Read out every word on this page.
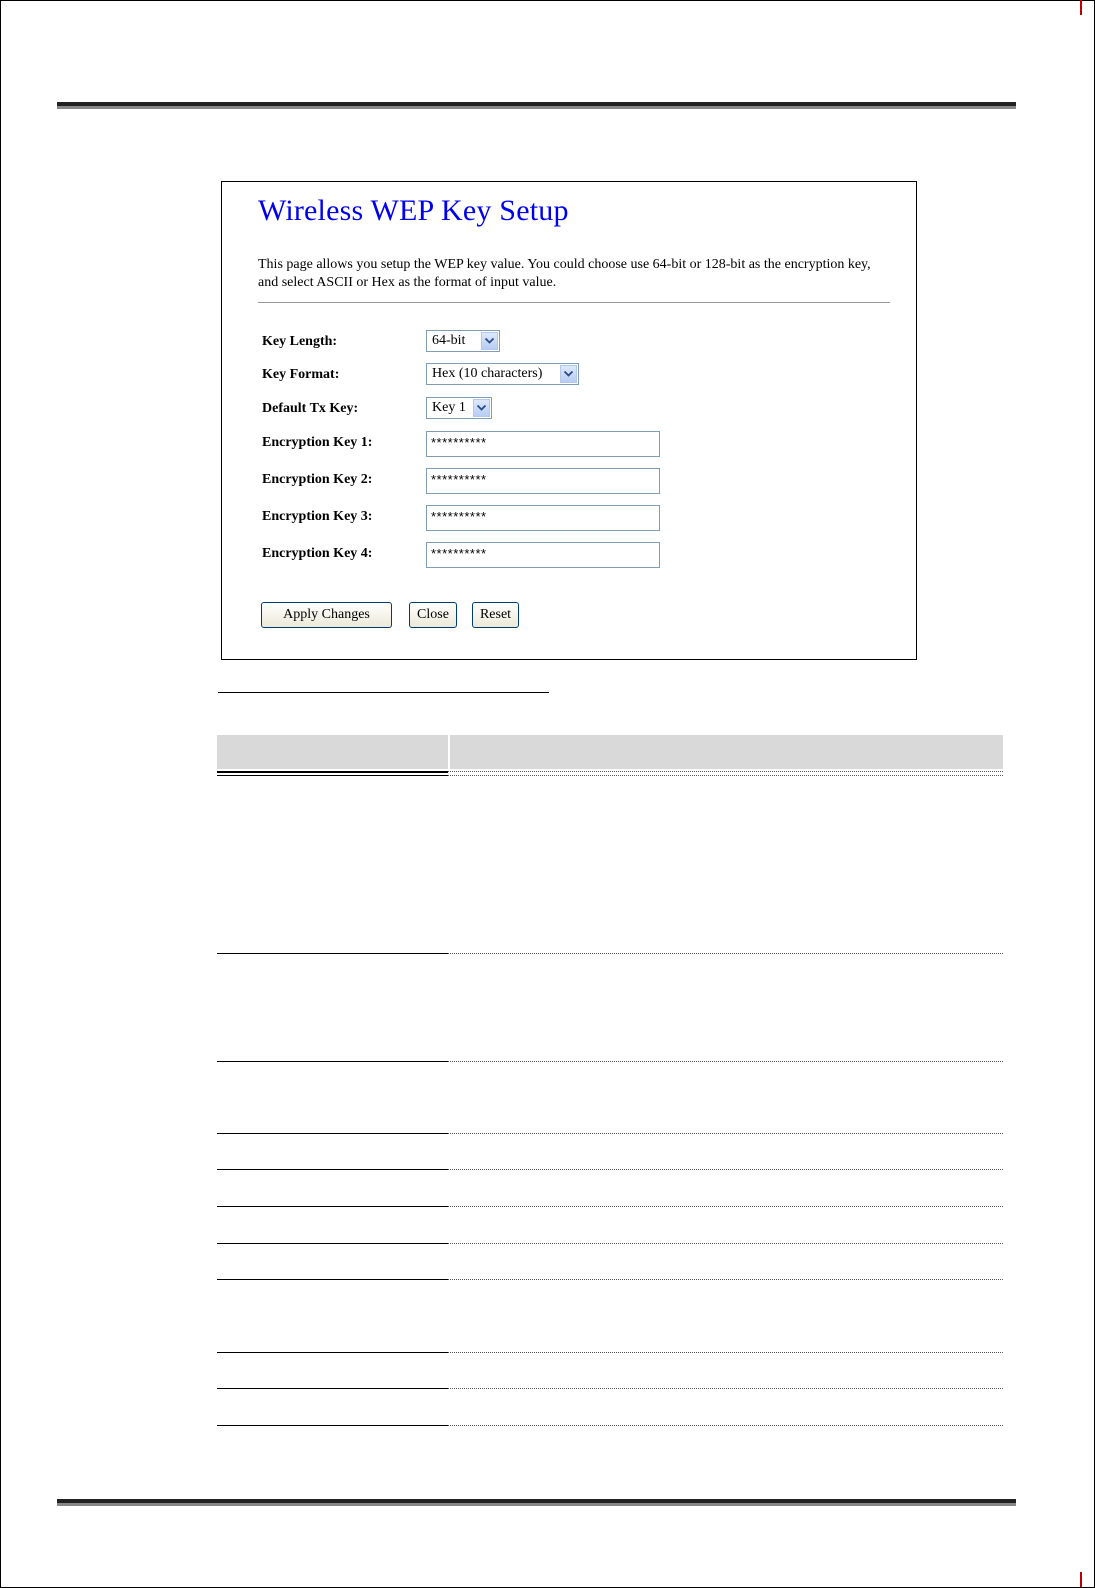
Wireless WEP Key Setup

This page allows you setup the WEP key value. You could choose use 64-bit or 128-bit as the encryption key, and select ASCII or Hex as the format of input value.

Key Length:	64-bit
Key Format:	Hex (10 characters)
Default Tx Key:	Key 1
Encryption Key 1:	**********
Encryption Key 2:	**********
Encryption Key 3:	**********
Encryption Key 4:	**********
Apply Changes	Close	Reset
